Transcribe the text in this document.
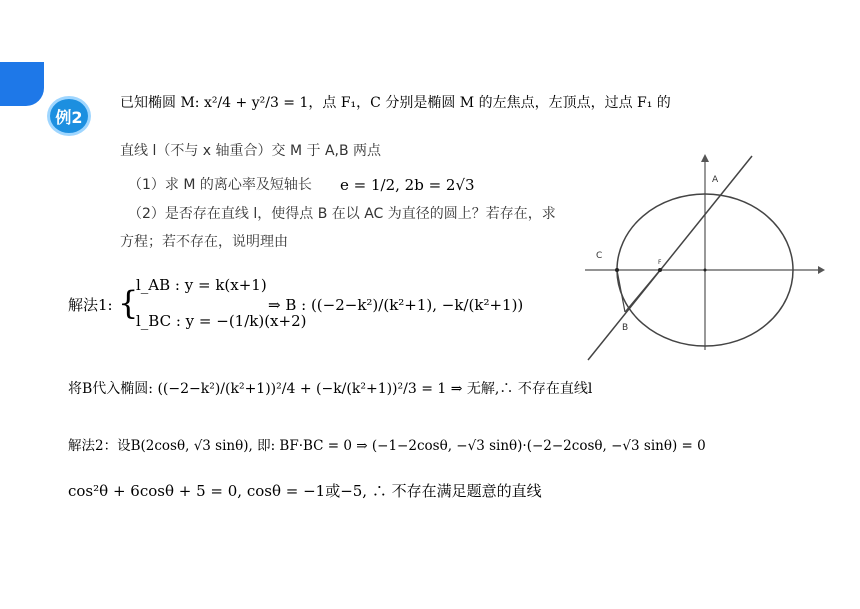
例2
已知椭圆 M: x²/4 + y²/3 = 1，点 F₁，C 分别是椭圆 M 的左焦点，左顶点，过点 F₁ 的
直线 l（不与 x 轴重合）交 M 于 A,B 两点
（1）求 M 的离心率及短轴长 e = 1/2, 2b = 2√3
（2）是否存在直线 l，使得点 B 在以 AC 为直径的圆上？若存在，求
方程；若不存在，说明理由
解法1: {
l_AB : y = k(x+1)
l_BC : y = −(1/k)(x+2)
⇒ B : ((−2−k²)/(k²+1), −k/(k²+1))
将B代入椭圆: ((−2−k²)/(k²+1))²/4 + (−k/(k²+1))²/3 = 1 ⇒ 无解,∴ 不存在直线l
解法2：设B(2cosθ, √3 sinθ), 即: BF·BC = 0 ⇒ (−1−2cosθ, −√3 sinθ)·(−2−2cosθ, −√3 sinθ) = 0
cos²θ + 6cosθ + 5 = 0, cosθ = −1或−5, ∴ 不存在满足题意的直线
A
C
F
B
